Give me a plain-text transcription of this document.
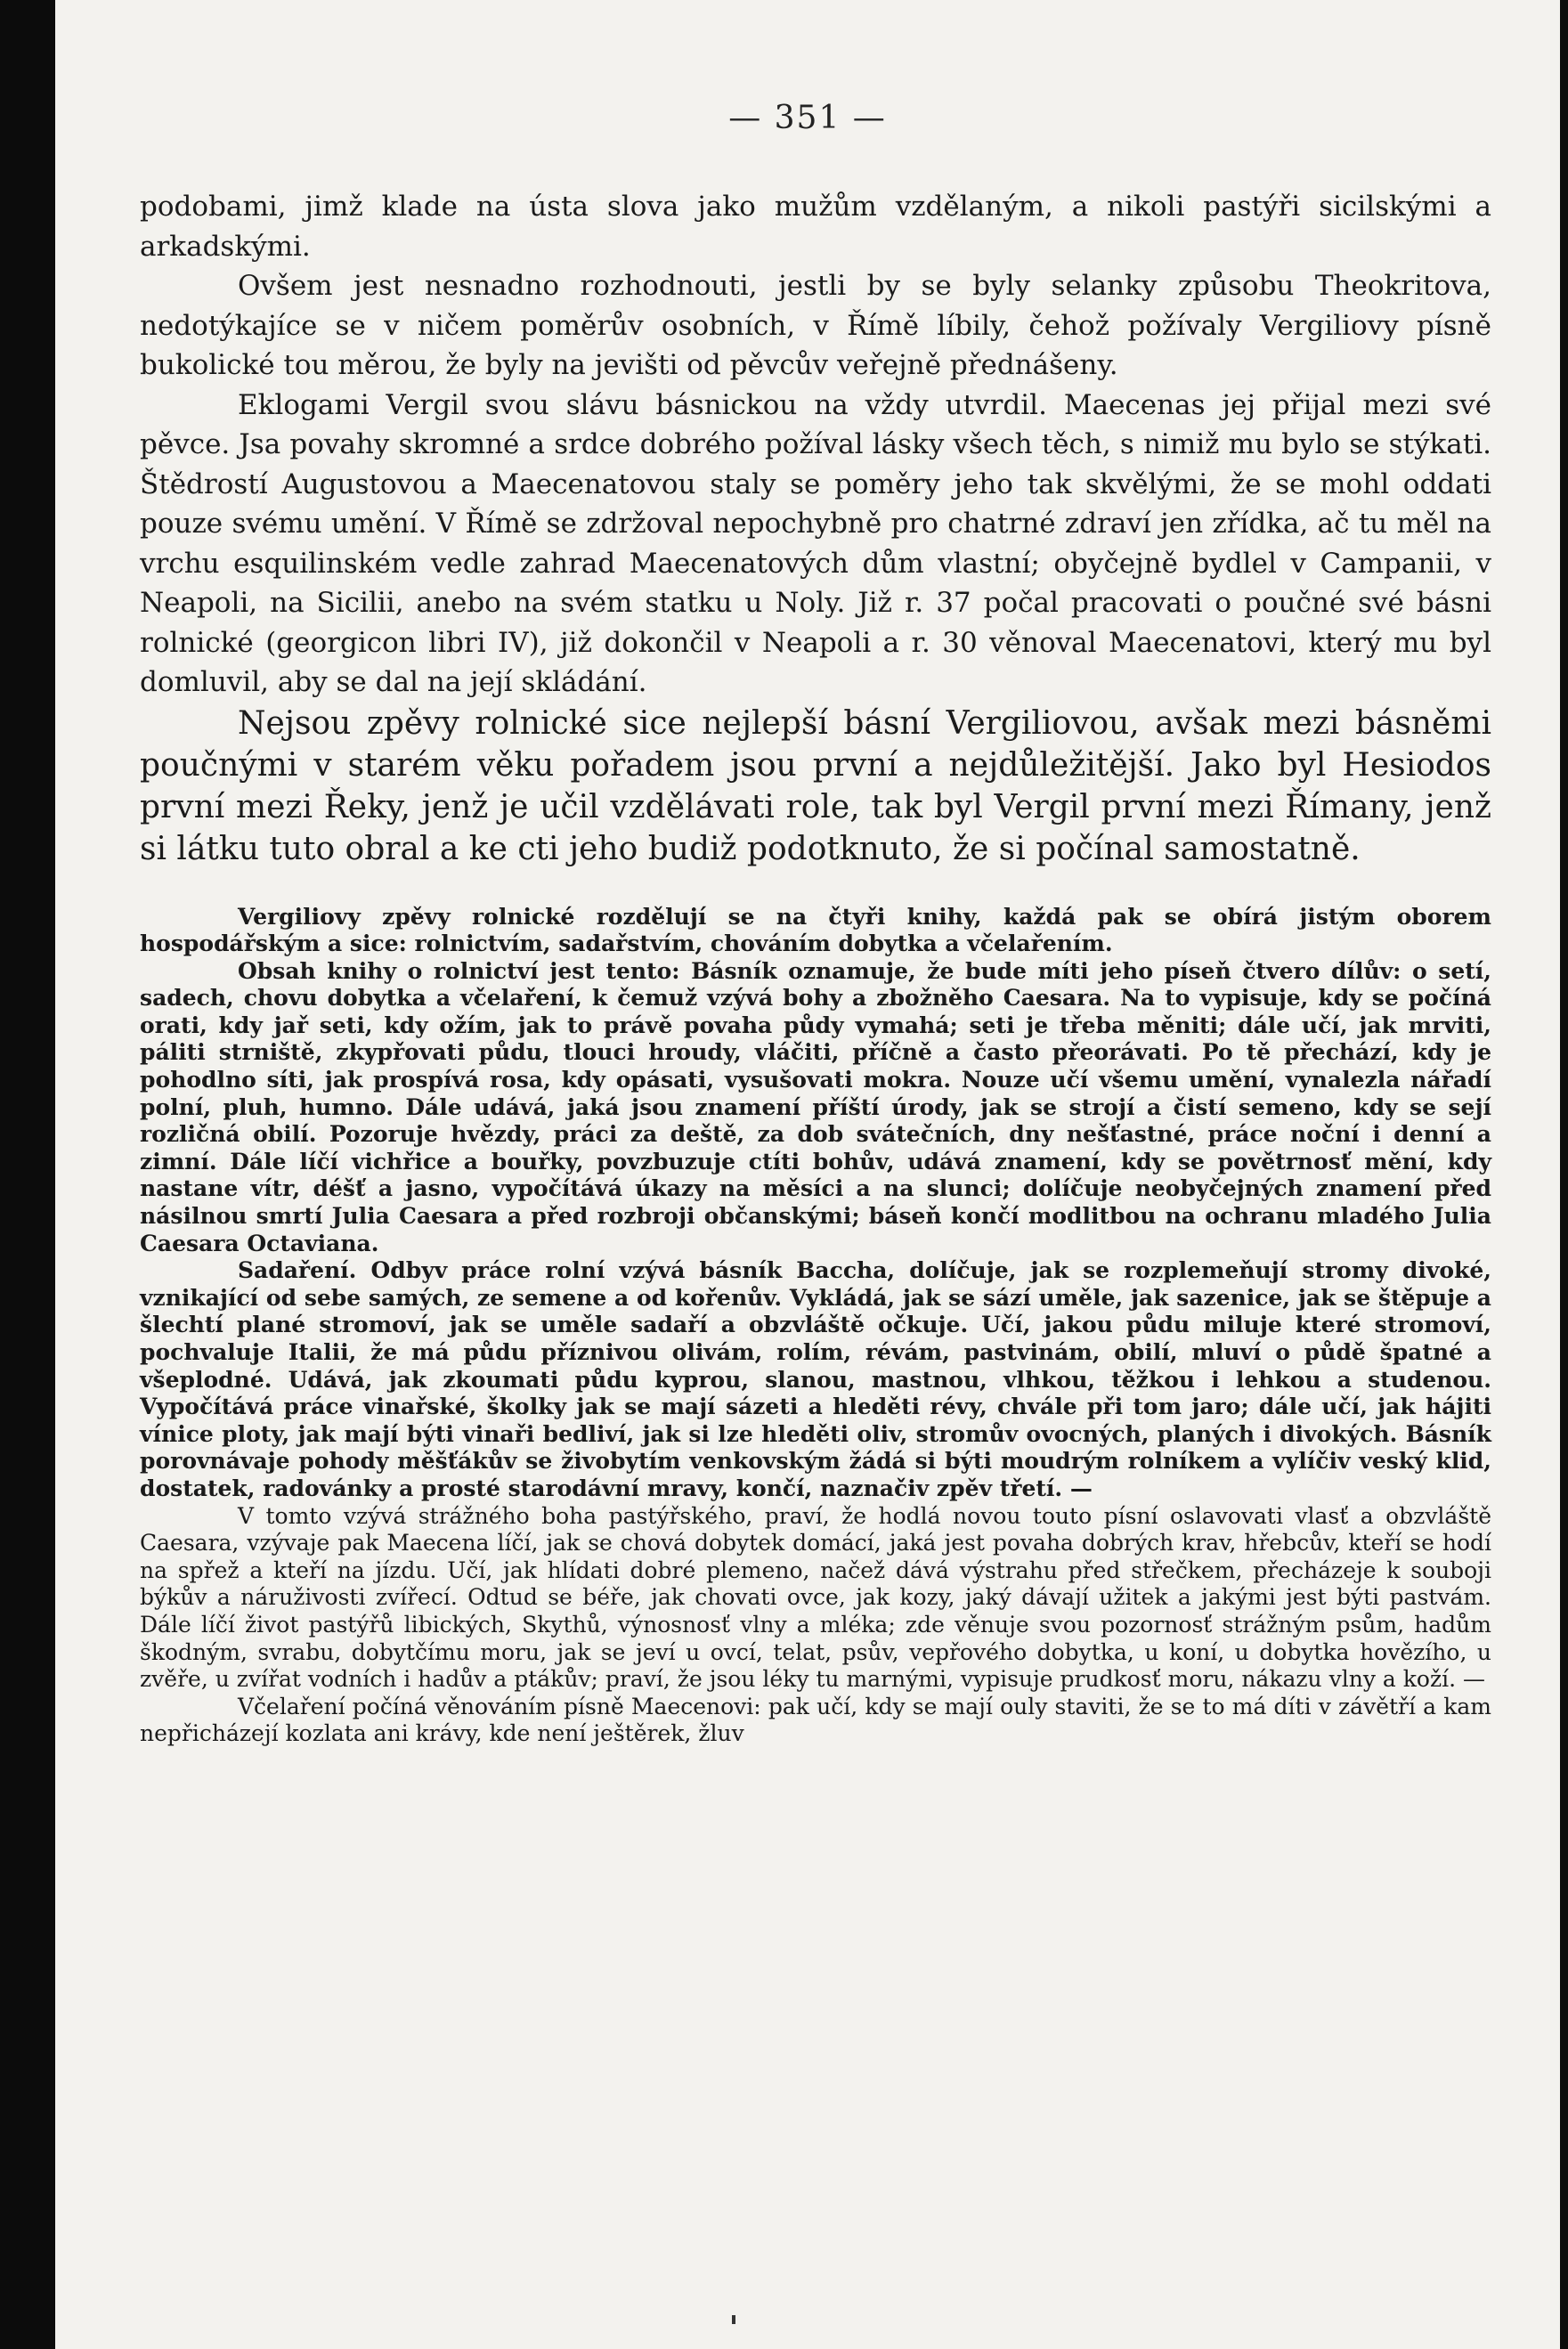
— 351 —

podobami, jimž klade na ústa slova jako mužům vzdělaným, a nikoli pastýři sicilskými a arkadskými.

Ovšem jest nesnadno rozhodnouti, jestli by se byly selanky způsobu Theokritova, nedotýkajíce se v ničem poměrův osobních, v Římě líbily, čehož požívaly Vergiliovy písně bukolické tou měrou, že byly na jevišti od pěvcův veřejně přednášeny.

Eklogami Vergil svou slávu básnickou na vždy utvrdil. Maecenas jej přijal mezi své pěvce. Jsa povahy skromné a srdce dobrého požíval lásky všech těch, s nimiž mu bylo se stýkati. Štědrostí Augustovou a Maecenatovou staly se poměry jeho tak skvělými, že se mohl oddati pouze svému umění. V Římě se zdržoval nepochybně pro chatrné zdraví jen zřídka, ač tu měl na vrchu esquilinském vedle zahrad Maecenatových dům vlastní; obyčejně bydlel v Campanii, v Neapoli, na Sicilii, anebo na svém statku u Noly. Již r. 37 počal pracovati o poučné své básni rolnické (georgicon libri IV), již dokončil v Neapoli a r. 30 věnoval Maecenatovi, který mu byl domluvil, aby se dal na její skládání.

Nejsou zpěvy rolnické sice nejlepší básní Vergiliovou, avšak mezi básněmi poučnými v starém věku pořadem jsou první a nejdůležitější. Jako byl Hesiodos první mezi Řeky, jenž je učil vzdělávati role, tak byl Vergil první mezi Římany, jenž si látku tuto obral a ke cti jeho budiž podotknuto, že si počínal samostatně.

Vergiliovy zpěvy rolnické rozdělují se na čtyři knihy, každá pak se obírá jistým oborem hospodářským a sice: rolnictvím, sadařstvím, chováním dobytka a včelařením.

Obsah knihy o rolnictví jest tento: Básník oznamuje, že bude míti jeho píseň čtvero dílův: o setí, sadech, chovu dobytka a včelaření, k čemuž vzývá bohy a zbožněho Caesara. Na to vypisuje, kdy se počíná orati, kdy jař seti, kdy ožím, jak to právě povaha půdy vymahá; seti je třeba měniti; dále učí, jak mrviti, páliti strniště, zkypřovati půdu, tlouci hroudy, vláčiti, příčně a často přeorávati. Po tě přechází, kdy je pohodlno síti, jak prospívá rosa, kdy opásati, vysušovati mokra. Nouze učí všemu umění, vynalezla nářadí polní, pluh, humno. Dále udává, jaká jsou znamení příští úrody, jak se strojí a čistí semeno, kdy se sejí rozličná obilí. Pozoruje hvězdy, práci za deště, za dob svátečních, dny nešťastné, práce noční i denní a zimní. Dále líčí vichřice a bouřky, povzbuzuje ctíti bohův, udává znamení, kdy se povětrnosť mění, kdy nastane vítr, déšť a jasno, vypočítává úkazy na měsíci a na slunci; dolíčuje neobyčejných znamení před násilnou smrtí Julia Caesara a před rozbroji občanskými; báseň končí modlitbou na ochranu mladého Julia Caesara Octaviana.

Sadaření. Odbyv práce rolní vzývá básník Baccha, dolíčuje, jak se rozplemeňují stromy divoké, vznikající od sebe samých, ze semene a od kořenův. Vykládá, jak se sází uměle, jak sazenice, jak se štěpuje a šlechtí plané stromoví, jak se uměle sadaří a obzvláště očkuje. Učí, jakou půdu miluje které stromoví, pochvaluje Italii, že má půdu příznivou olivám, rolím, révám, pastvinám, obilí, mluví o půdě špatné a všeplodné. Udává, jak zkoumati půdu kyprou, slanou, mastnou, vlhkou, těžkou i lehkou a studenou. Vypočítává práce vinařské, školky jak se mají sázeti a hleděti révy, chvále při tom jaro; dále učí, jak hájiti vínice ploty, jak mají býti vinaři bedliví, jak si lze hleděti oliv, stromův ovocných, planých i divokých. Básník porovnávaje pohody měšťákův se živobytím venkovským žádá si býti moudrým rolníkem a vylíčiv veský klid, dostatek, radovánky a prosté starodávní mravy, končí, naznačiv zpěv třetí. —

V tomto vzývá strážného boha pastýřského, praví, že hodlá novou touto písní oslavovati vlasť a obzvláště Caesara, vzývaje pak Maecena líčí, jak se chová dobytek domácí, jaká jest povaha dobrých krav, hřebcův, kteří se hodí na spřež a kteří na jízdu. Učí, jak hlídati dobré plemeno, načež dává výstrahu před střečkem, přecházeje k souboji býkův a náruživosti zvířecí. Odtud se béře, jak chovati ovce, jak kozy, jaký dávají užitek a jakými jest býti pastvám. Dále líčí život pastýřů libických, Skythů, výnosnosť vlny a mléka; zde věnuje svou pozornosť strážným psům, hadům škodným, svrabu, dobytčímu moru, jak se jeví u ovcí, telat, psův, vepřového dobytka, u koní, u dobytka hovězího, u zvěře, u zvířat vodních i hadův a ptákův; praví, že jsou léky tu marnými, vypisuje prudkosť moru, nákazu vlny a koží. —

Včelaření počíná věnováním písně Maecenovi: pak učí, kdy se mají ouly staviti, že se to má díti v závětří a kam nepřicházejí kozlata ani krávy, kde není ještěrek, žluv
